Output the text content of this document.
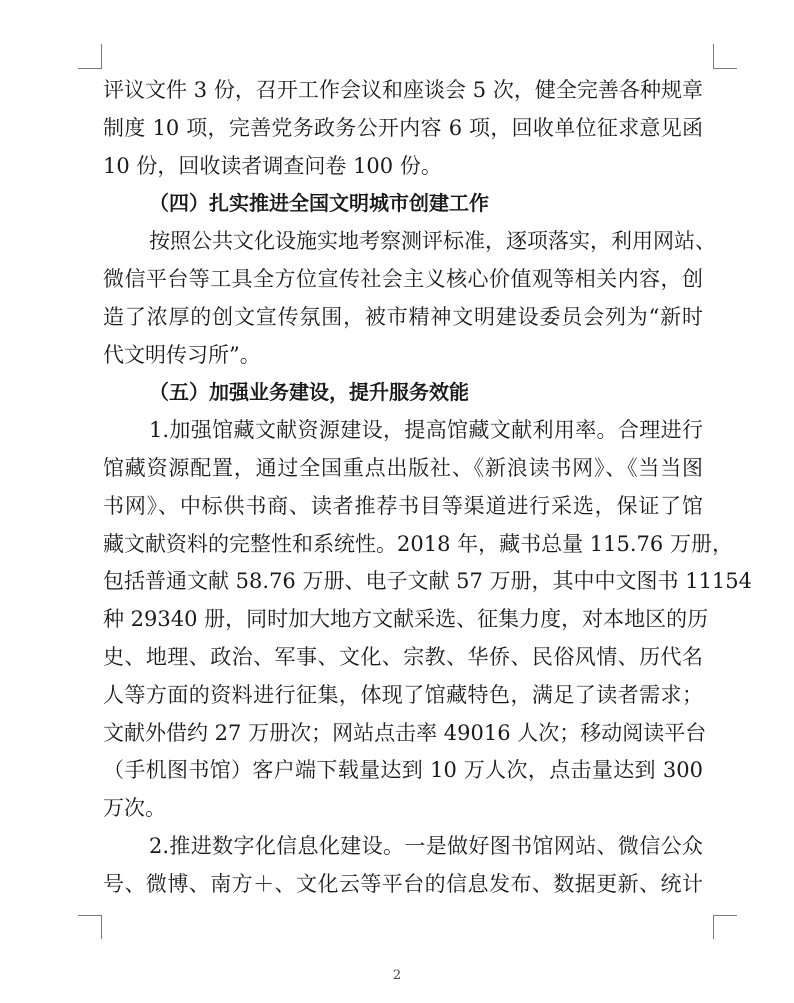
评议文件 3 份，召开工作会议和座谈会 5 次，健全完善各种规章
制度 10 项，完善党务政务公开内容 6 项，回收单位征求意见函
10 份，回收读者调查问卷 100 份。
（四）扎实推进全国文明城市创建工作
按照公共文化设施实地考察测评标准，逐项落实，利用网站、
微信平台等工具全方位宣传社会主义核心价值观等相关内容，创
造了浓厚的创文宣传氛围，被市精神文明建设委员会列为“新时
代文明传习所”。
（五）加强业务建设，提升服务效能
1.加强馆藏文献资源建设，提高馆藏文献利用率。合理进行
馆藏资源配置，通过全国重点出版社、《新浪读书网》、《当当图
书网》、中标供书商、读者推荐书目等渠道进行采选，保证了馆
藏文献资料的完整性和系统性。2018 年，藏书总量 115.76 万册，
包括普通文献 58.76 万册、电子文献 57 万册，其中中文图书 11154
种 29340 册，同时加大地方文献采选、征集力度，对本地区的历
史、地理、政治、军事、文化、宗教、华侨、民俗风情、历代名
人等方面的资料进行征集，体现了馆藏特色，满足了读者需求；
文献外借约 27 万册次；网站点击率 49016 人次；移动阅读平台
（手机图书馆）客户端下载量达到 10 万人次，点击量达到 300
万次。
2.推进数字化信息化建设。一是做好图书馆网站、微信公众
号、微博、南方＋、文化云等平台的信息发布、数据更新、统计
2
